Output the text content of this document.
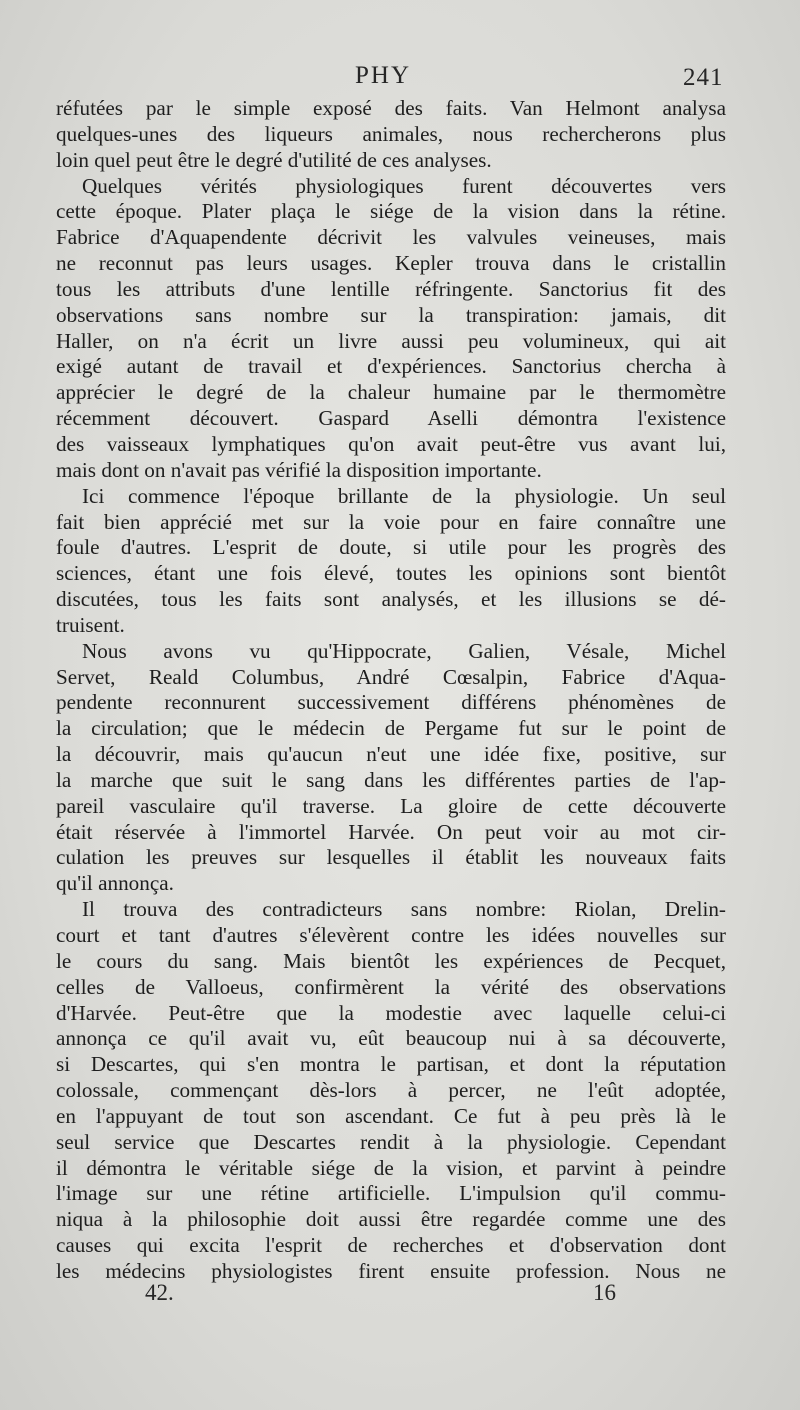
PHY	241
réfutées par le simple exposé des faits. Van Helmont analysa
quelques-unes des liqueurs animales, nous rechercherons plus
loin quel peut être le degré d'utilité de ces analyses.
Quelques vérités physiologiques furent découvertes vers
cette époque. Plater plaça le siége de la vision dans la rétine.
Fabrice d'Aquapendente décrivit les valvules veineuses, mais
ne reconnut pas leurs usages. Kepler trouva dans le cristallin
tous les attributs d'une lentille réfringente. Sanctorius fit des
observations sans nombre sur la transpiration: jamais, dit
Haller, on n'a écrit un livre aussi peu volumineux, qui ait
exigé autant de travail et d'expériences. Sanctorius chercha à
apprécier le degré de la chaleur humaine par le thermomètre
récemment découvert. Gaspard Aselli démontra l'existence
des vaisseaux lymphatiques qu'on avait peut-être vus avant lui,
mais dont on n'avait pas vérifié la disposition importante.
Ici commence l'époque brillante de la physiologie. Un seul
fait bien apprécié met sur la voie pour en faire connaître une
foule d'autres. L'esprit de doute, si utile pour les progrès des
sciences, étant une fois élevé, toutes les opinions sont bientôt
discutées, tous les faits sont analysés, et les illusions se dé-
truisent.
Nous avons vu qu'Hippocrate, Galien, Vésale, Michel
Servet, Reald Columbus, André Cœsalpin, Fabrice d'Aqua-
pendente reconnurent successivement différens phénomènes de
la circulation; que le médecin de Pergame fut sur le point de
la découvrir, mais qu'aucun n'eut une idée fixe, positive, sur
la marche que suit le sang dans les différentes parties de l'ap-
pareil vasculaire qu'il traverse. La gloire de cette découverte
était réservée à l'immortel Harvée. On peut voir au mot cir-
culation les preuves sur lesquelles il établit les nouveaux faits
qu'il annonça.
Il trouva des contradicteurs sans nombre: Riolan, Drelin-
court et tant d'autres s'élevèrent contre les idées nouvelles sur
le cours du sang. Mais bientôt les expériences de Pecquet,
celles de Valloeus, confirmèrent la vérité des observations
d'Harvée. Peut-être que la modestie avec laquelle celui-ci
annonça ce qu'il avait vu, eût beaucoup nui à sa découverte,
si Descartes, qui s'en montra le partisan, et dont la réputation
colossale, commençant dès-lors à percer, ne l'eût adoptée,
en l'appuyant de tout son ascendant. Ce fut à peu près là le
seul service que Descartes rendit à la physiologie. Cependant
il démontra le véritable siége de la vision, et parvint à peindre
l'image sur une rétine artificielle. L'impulsion qu'il commu-
niqua à la philosophie doit aussi être regardée comme une des
causes qui excita l'esprit de recherches et d'observation dont
les médecins physiologistes firent ensuite profession. Nous ne
42.	16
